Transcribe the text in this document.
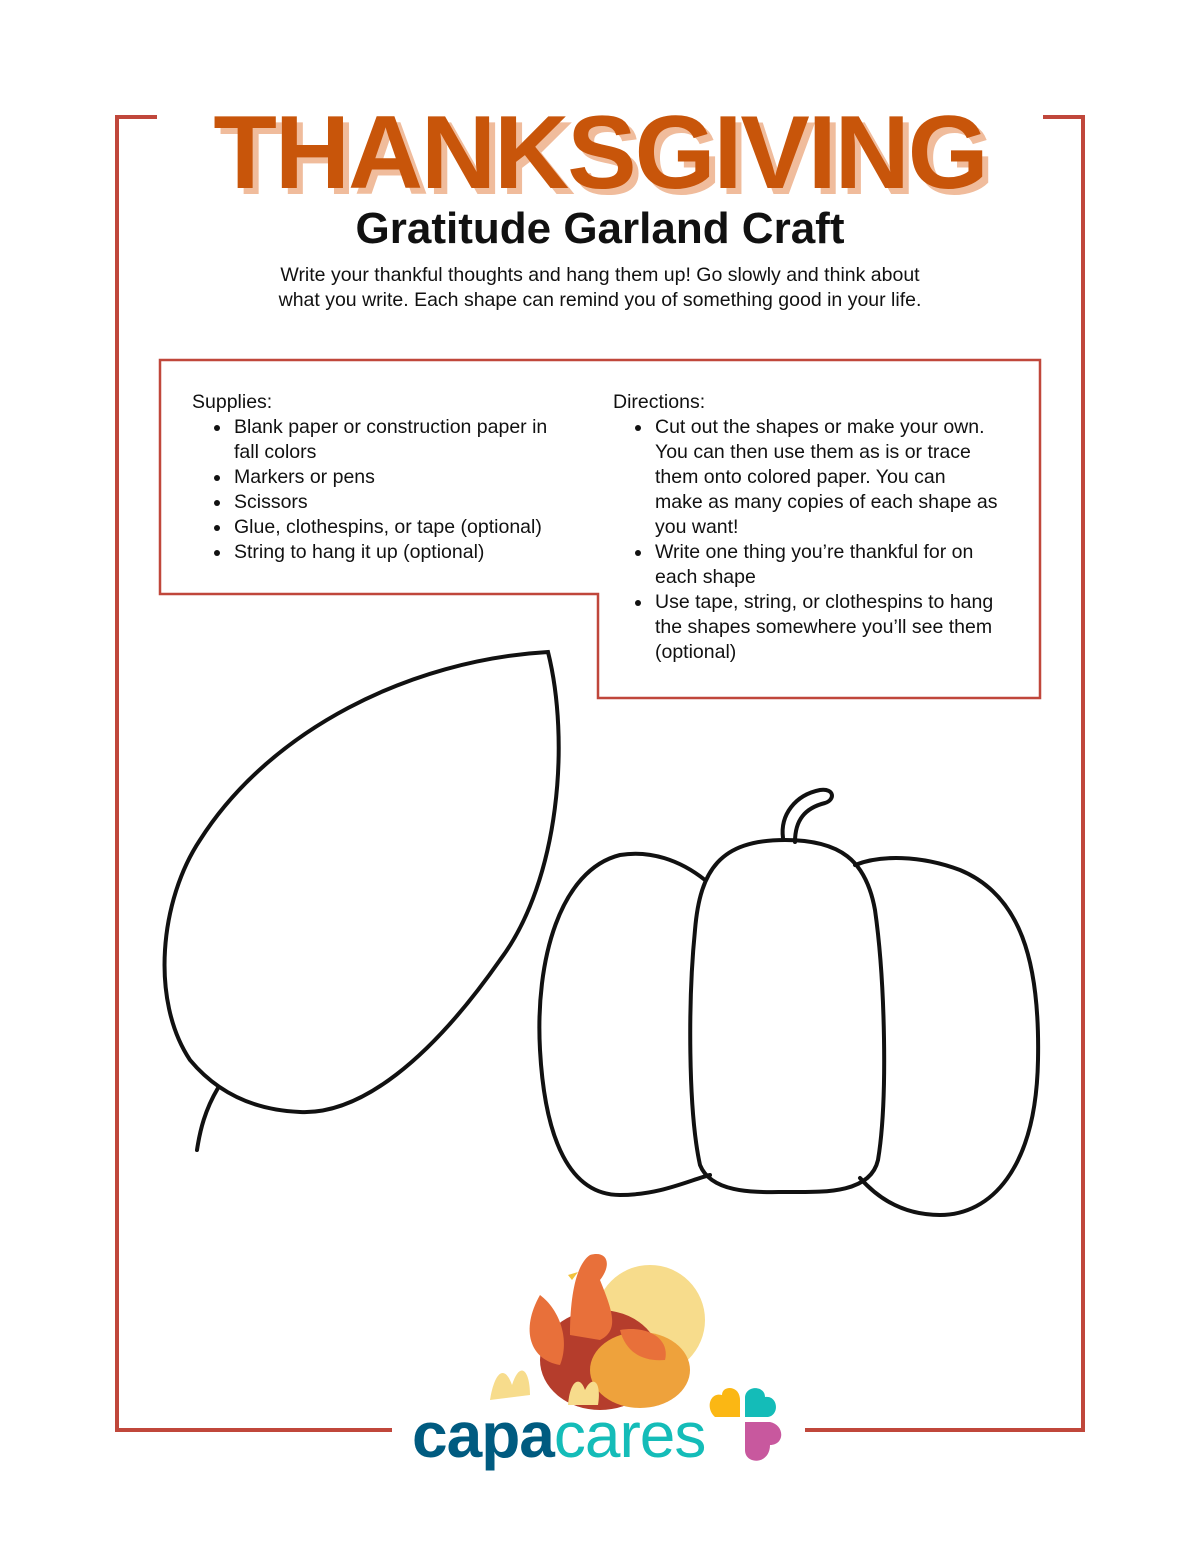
THANKSGIVING
Gratitude Garland Craft
Write your thankful thoughts and hang them up! Go slowly and think about
what you write. Each shape can remind you of something good in your life.
Supplies:
• Blank paper or construction paper in fall colors
• Markers or pens
• Scissors
• Glue, clothespins, or tape (optional)
• String to hang it up (optional)
Directions:
• Cut out the shapes or make your own. You can then use them as is or trace them onto colored paper. You can make as many copies of each shape as you want!
• Write one thing you’re thankful for on each shape
• Use tape, string, or clothespins to hang the shapes somewhere you’ll see them (optional)
capacares
